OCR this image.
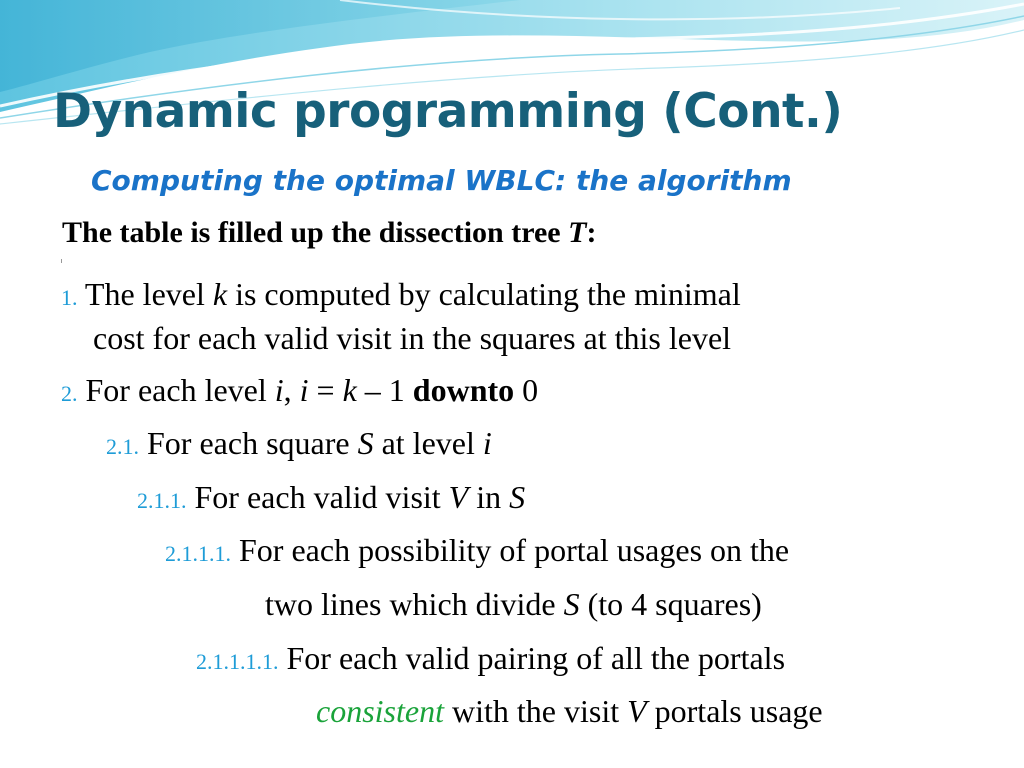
Dynamic programming (Cont.)
Computing the optimal WBLC: the algorithm

The table is filled up the dissection tree T:

1. The level k is computed by calculating the minimal
cost for each valid visit in the squares at this level
2. For each level i, i = k – 1 downto 0
2.1. For each square S at level i
2.1.1. For each valid visit V in S
2.1.1.1. For each possibility of portal usages on the
two lines which divide S (to 4 squares)
2.1.1.1.1. For each valid pairing of all the portals
consistent with the visit V portals usage
